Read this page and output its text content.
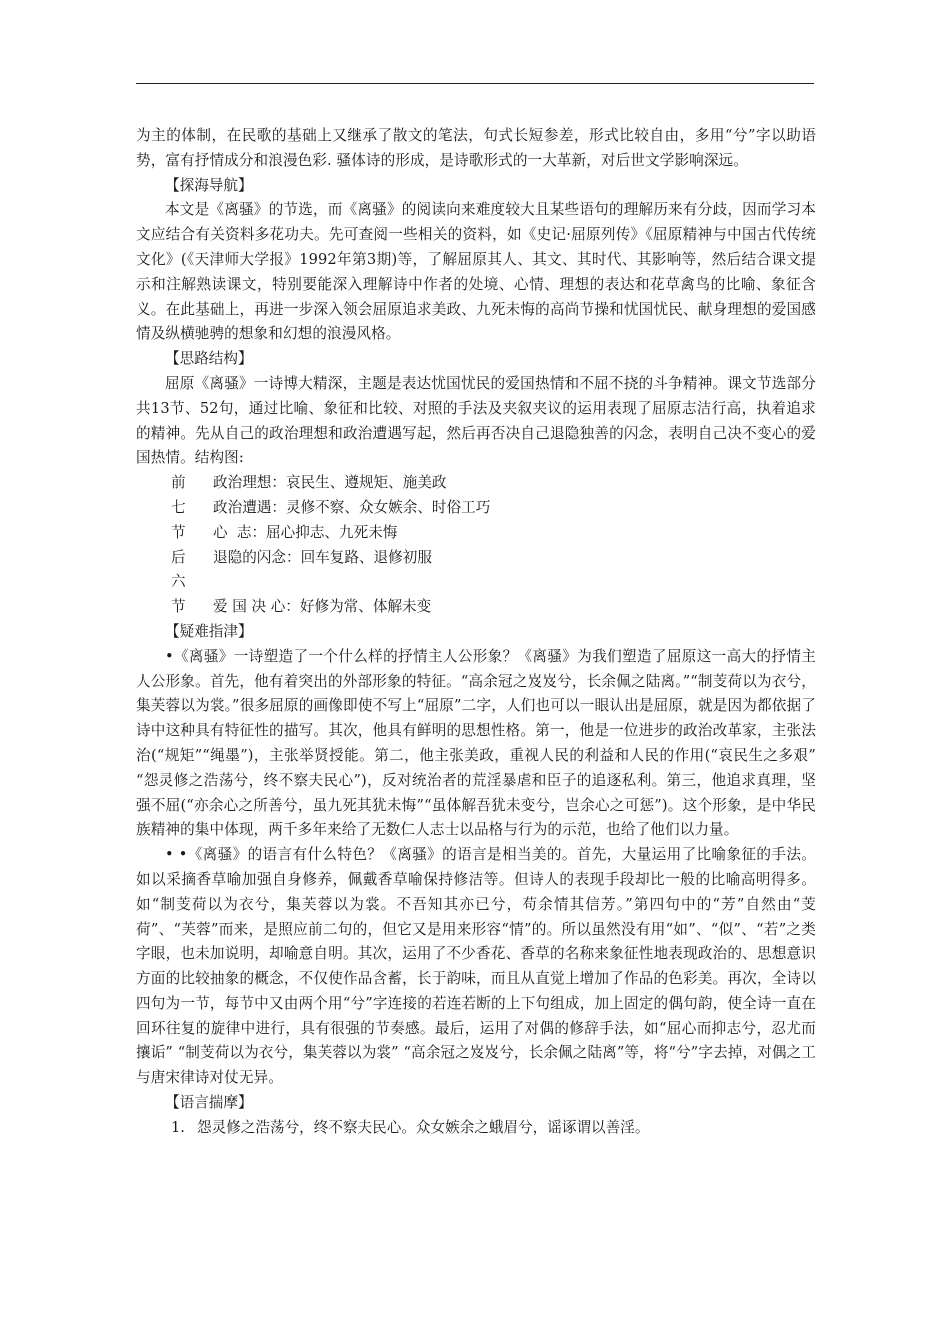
为主的体制，在民歌的基础上又继承了散文的笔法，句式长短参差，形式比较自由，多用“兮”字以助语势，富有抒情成分和浪漫色彩. 骚体诗的形成，是诗歌形式的一大革新，对后世文学影响深远。

【探海导航】

本文是《离骚》的节选，而《离骚》的阅读向来难度较大且某些语句的理解历来有分歧，因而学习本文应结合有关资料多花功夫。先可查阅一些相关的资料，如《史记·屈原列传》《屈原精神与中国古代传统文化》(《天津师大学报》1992年第3期)等，了解屈原其人、其文、其时代、其影响等，然后结合课文提示和注解熟读课文，特别要能深入理解诗中作者的处境、心情、理想的表达和花草禽鸟的比喻、象征含义。在此基础上，再进一步深入领会屈原追求美政、九死未悔的高尚节操和忧国忧民、献身理想的爱国感情及纵横驰骋的想象和幻想的浪漫风格。

【思路结构】

屈原《离骚》一诗博大精深，主题是表达忧国忧民的爱国热情和不屈不挠的斗争精神。课文节选部分共13节、52句，通过比喻、象征和比较、对照的手法及夹叙夹议的运用表现了屈原志洁行高，执着追求的精神。先从自己的政治理想和政治遭遇写起，然后再否决自己退隐独善的闪念，表明自己决不变心的爱国热情。结构图:

前	政治理想：哀民生、遵规矩、施美政
七	政治遭遇：灵修不察、众女嫉余、时俗工巧
节	心  志：屈心抑志、九死未悔
后	退隐的闪念：回车复路、退修初服
六
节	爱 国 决 心：好修为常、体解未变

【疑难指津】

•《离骚》一诗塑造了一个什么样的抒情主人公形象？《离骚》为我们塑造了屈原这一高大的抒情主人公形象。首先，他有着突出的外部形象的特征。“高余冠之岌岌兮，长余佩之陆离。”“制芰荷以为衣兮，集芙蓉以为裳。”很多屈原的画像即使不写上“屈原”二字，人们也可以一眼认出是屈原，就是因为都依据了诗中这种具有特征性的描写。其次，他具有鲜明的思想性格。第一，他是一位进步的政治改革家，主张法治(“规矩”“绳墨”)，主张举贤授能。第二，他主张美政，重视人民的利益和人民的作用(“哀民生之多艰” “怨灵修之浩荡兮，终不察夫民心”)，反对统治者的荒淫暴虐和臣子的追逐私利。第三，他追求真理，坚强不屈(“亦余心之所善兮，虽九死其犹未悔”“虽体解吾犹未变兮，岂余心之可惩”)。这个形象，是中华民族精神的集中体现，两千多年来给了无数仁人志士以品格与行为的示范，也给了他们以力量。

• •《离骚》的语言有什么特色？《离骚》的语言是相当美的。首先，大量运用了比喻象征的手法。如以采摘香草喻加强自身修养，佩戴香草喻保持修洁等。但诗人的表现手段却比一般的比喻高明得多。如“制芰荷以为衣兮，集芙蓉以为裳。不吾知其亦已兮，苟余情其信芳。”第四句中的“芳”自然由“芰荷”、“芙蓉”而来，是照应前二句的，但它又是用来形容“情”的。所以虽然没有用“如”、“似”、“若”之类字眼，也未加说明，却喻意自明。其次，运用了不少香花、香草的名称来象征性地表现政治的、思想意识方面的比较抽象的概念，不仅使作品含蓄，长于韵味，而且从直觉上增加了作品的色彩美。再次，全诗以四句为一节，每节中又由两个用“兮”字连接的若连若断的上下句组成，加上固定的偶句韵，使全诗一直在回环往复的旋律中进行，具有很强的节奏感。最后，运用了对偶的修辞手法，如“屈心而抑志兮，忍尤而攘诟” “制芰荷以为衣兮，集芙蓉以为裳” “高余冠之岌岌兮，长余佩之陆离”等，将“兮”字去掉，对偶之工与唐宋律诗对仗无异。

【语言揣摩】

1. 怨灵修之浩荡兮，终不察夫民心。众女嫉余之蛾眉兮，谣诼谓以善淫。
